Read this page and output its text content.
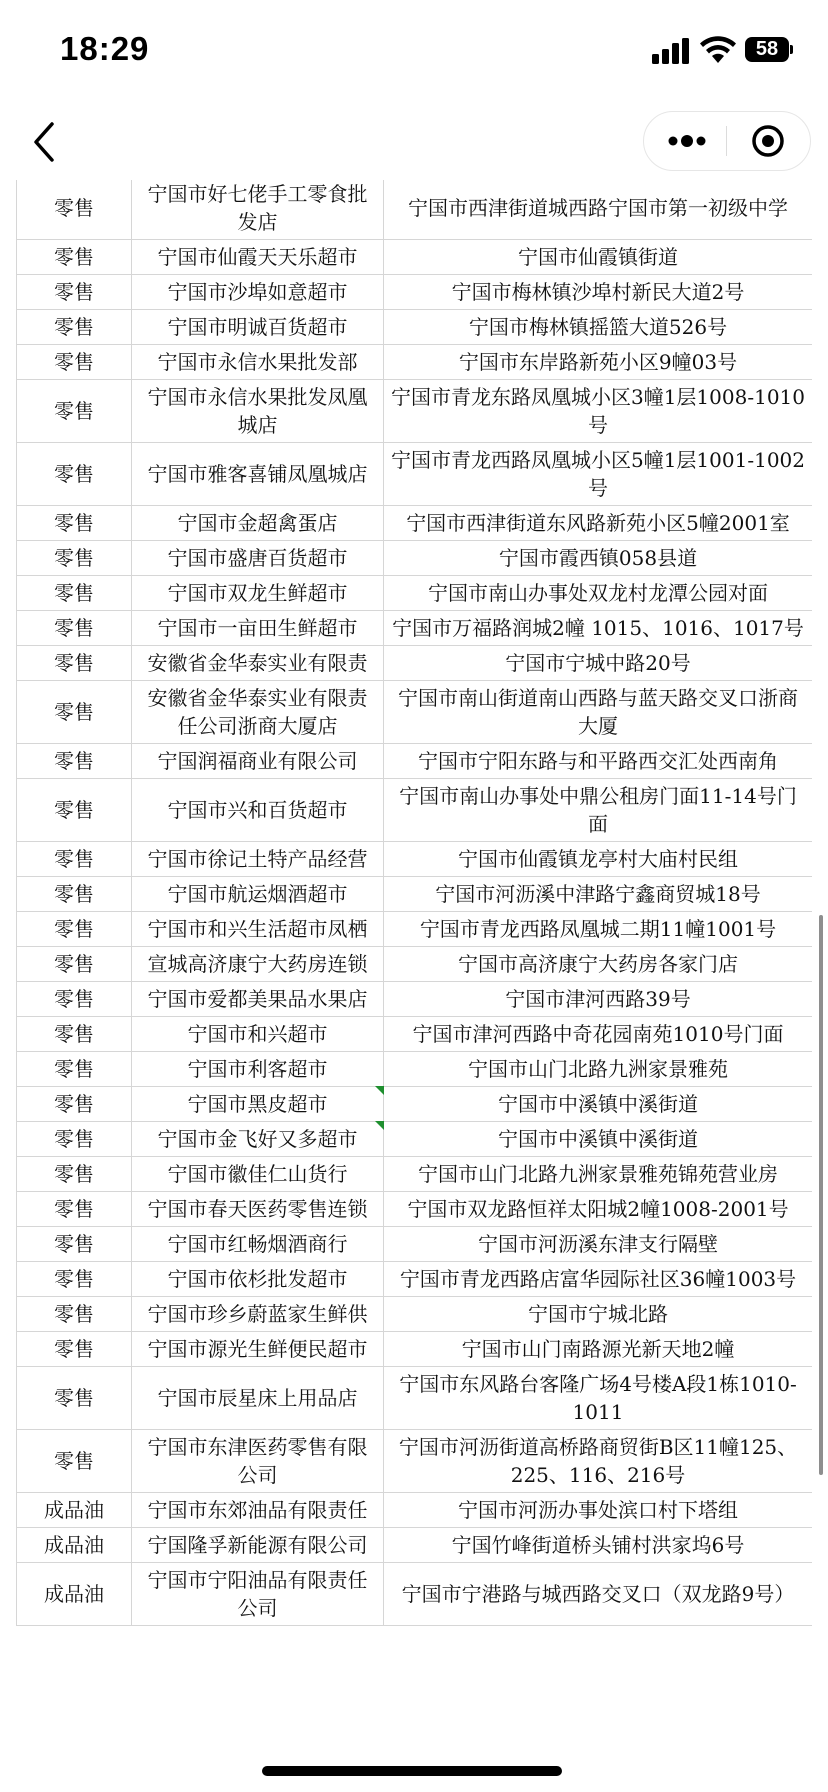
18:29	58
零售	宁国市好七佬手工零食批发店	宁国市西津街道城西路宁国市第一初级中学
零售	宁国市仙霞天天乐超市	宁国市仙霞镇街道
零售	宁国市沙埠如意超市	宁国市梅林镇沙埠村新民大道2号
零售	宁国市明诚百货超市	宁国市梅林镇摇篮大道526号
零售	宁国市永信水果批发部	宁国市东岸路新苑小区9幢03号
零售	宁国市永信水果批发凤凰城店	宁国市青龙东路凤凰城小区3幢1层1008-1010号
零售	宁国市雅客喜铺凤凰城店	宁国市青龙西路凤凰城小区5幢1层1001-1002号
零售	宁国市金超禽蛋店	宁国市西津街道东风路新苑小区5幢2001室
零售	宁国市盛唐百货超市	宁国市霞西镇058县道
零售	宁国市双龙生鲜超市	宁国市南山办事处双龙村龙潭公园对面
零售	宁国市一亩田生鲜超市	宁国市万福路润城2幢 1015、1016、1017号
零售	安徽省金华泰实业有限责	宁国市宁城中路20号
零售	安徽省金华泰实业有限责任公司浙商大厦店	宁国市南山街道南山西路与蓝天路交叉口浙商大厦
零售	宁国润福商业有限公司	宁国市宁阳东路与和平路西交汇处西南角
零售	宁国市兴和百货超市	宁国市南山办事处中鼎公租房门面11-14号门面
零售	宁国市徐记土特产品经营	宁国市仙霞镇龙亭村大庙村民组
零售	宁国市航运烟酒超市	宁国市河沥溪中津路宁鑫商贸城18号
零售	宁国市和兴生活超市凤栖	宁国市青龙西路凤凰城二期11幢1001号
零售	宣城高济康宁大药房连锁	宁国市高济康宁大药房各家门店
零售	宁国市爱都美果品水果店	宁国市津河西路39号
零售	宁国市和兴超市	宁国市津河西路中奇花园南苑1010号门面
零售	宁国市利客超市	宁国市山门北路九洲家景雅苑
零售	宁国市黑皮超市	宁国市中溪镇中溪街道
零售	宁国市金飞好又多超市	宁国市中溪镇中溪街道
零售	宁国市徽佳仁山货行	宁国市山门北路九洲家景雅苑锦苑营业房
零售	宁国市春天医药零售连锁	宁国市双龙路恒祥太阳城2幢1008-2001号
零售	宁国市红畅烟酒商行	宁国市河沥溪东津支行隔壁
零售	宁国市依杉批发超市	宁国市青龙西路店富华园际社区36幢1003号
零售	宁国市珍乡蔚蓝家生鲜供	宁国市宁城北路
零售	宁国市源光生鲜便民超市	宁国市山门南路源光新天地2幢
零售	宁国市辰星床上用品店	宁国市东风路台客隆广场4号楼A段1栋1010-1011
零售	宁国市东津医药零售有限公司	宁国市河沥街道高桥路商贸街B区11幢125、225、116、216号
成品油	宁国市东郊油品有限责任	宁国市河沥办事处滨口村下塔组
成品油	宁国隆孚新能源有限公司	宁国竹峰街道桥头铺村洪家坞6号
成品油	宁国市宁阳油品有限责任公司	宁国市宁港路与城西路交叉口（双龙路9号）
